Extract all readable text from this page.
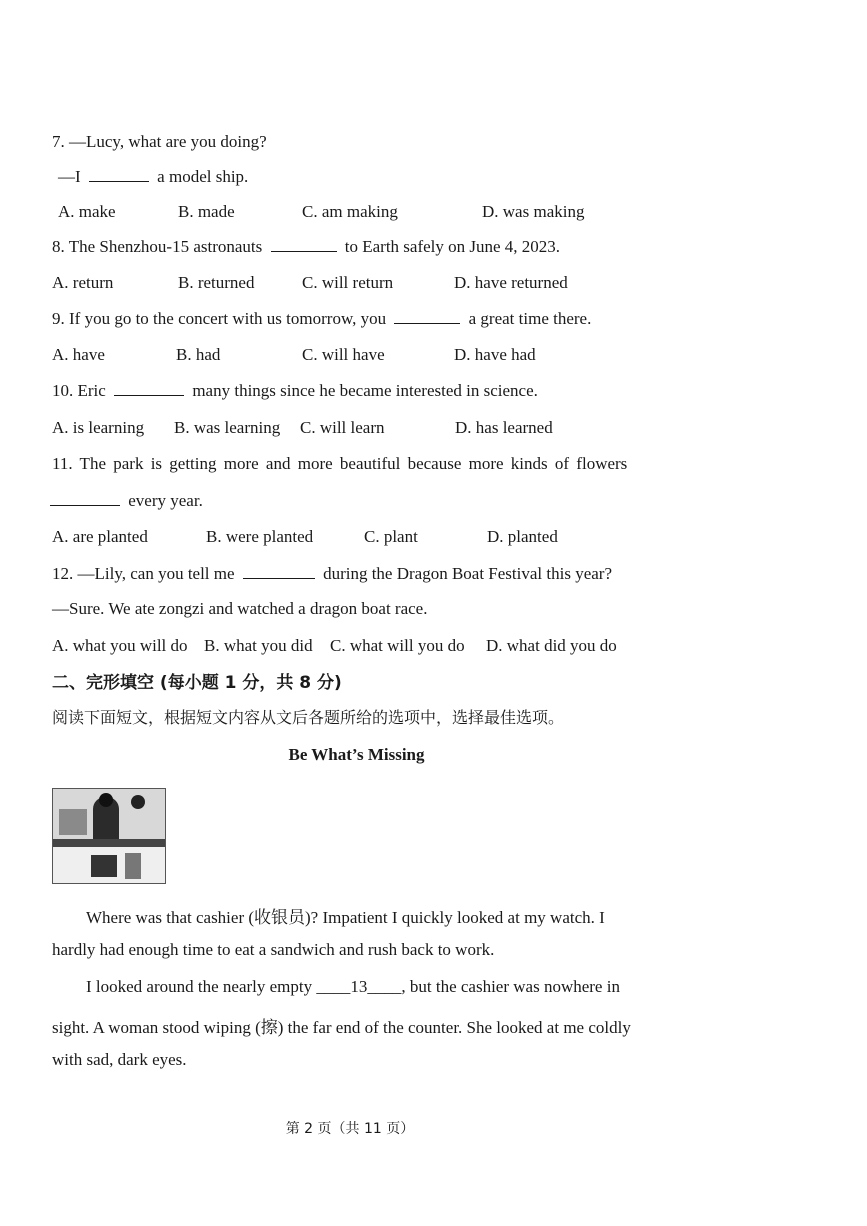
7. —Lucy, what are you doing?
—I	a model ship.
A. make	B. made	C. am making	D. was making
8. The Shenzhou-15 astronauts	to Earth safely on June 4, 2023.
A. return	B. returned	C. will return	D. have returned
9. If you go to the concert with us tomorrow, you	a great time there.
A. have	B. had	C. will have	D. have had
10. Eric	many things since he became interested in science.
A. is learning B. was learning C. will learn	D. has learned
11. The park is getting more and more beautiful because more kinds of flowers
every year.
A. are planted	B. were planted	C. plant	D. planted
12. —Lily, can you tell me	during the Dragon Boat Festival this year?
—Sure. We ate zongzi and watched a dragon boat race.
A. what you will do B. what you did C. what will you do D. what did you do
二、完形填空 (每小题 1 分，共 8 分)
阅读下面短文，根据短文内容从文后各题所给的选项中，选择最佳选项。
Be What’s Missing
Where was that cashier (收银员)? Impatient I quickly looked at my watch. I
hardly had enough time to eat a sandwich and rush back to work.
I looked around the nearly empty ____13____, but the cashier was nowhere in
sight. A woman stood wiping (擦) the far end of the counter. She looked at me coldly
with sad, dark eyes.
第 2 页（共 11 页）
